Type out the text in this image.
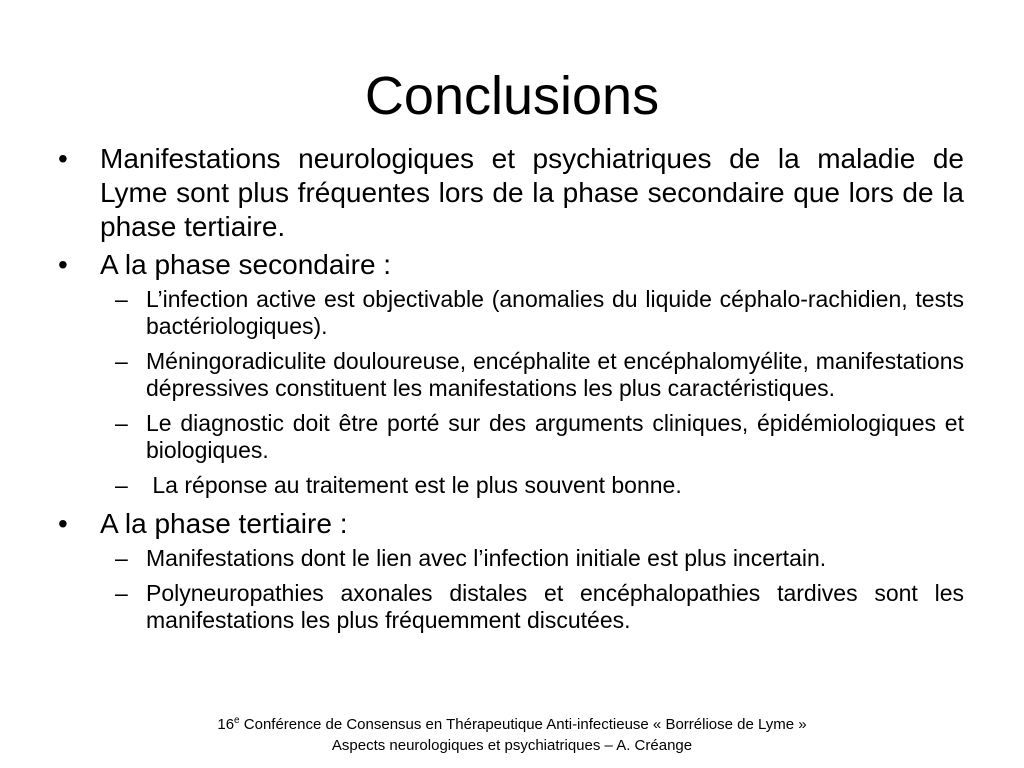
Conclusions
•	Manifestations neurologiques et psychiatriques de la maladie de Lyme sont plus fréquentes lors de la phase secondaire que lors de la phase tertiaire.
•	A la phase secondaire :
– L’infection active est objectivable (anomalies du liquide céphalo-rachidien, tests bactériologiques).
– Méningoradiculite douloureuse, encéphalite et encéphalomyélite, manifestations dépressives constituent les manifestations les plus caractéristiques.
– Le diagnostic doit être porté sur des arguments cliniques, épidémiologiques et biologiques.
– La réponse au traitement est le plus souvent bonne.
•	A la phase tertiaire :
– Manifestations dont le lien avec l’infection initiale est plus incertain.
– Polyneuropathies axonales distales et encéphalopathies tardives sont les manifestations les plus fréquemment discutées.
16e Conférence de Consensus en Thérapeutique Anti-infectieuse « Borréliose de Lyme »
Aspects neurologiques et psychiatriques – A. Créange
